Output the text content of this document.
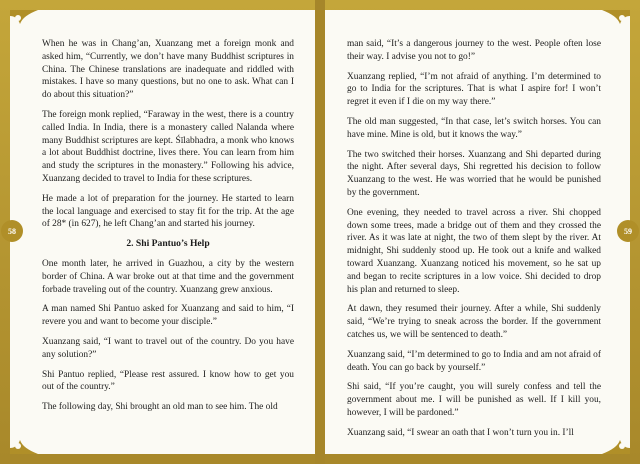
When he was in Chang’an, Xuanzang met a foreign monk and asked him, “Currently, we don’t have many Buddhist scriptures in China. The Chinese translations are inadequate and riddled with mistakes. I have so many questions, but no one to ask. What can I do about this situation?”

The foreign monk replied, “Faraway in the west, there is a country called India. In India, there is a monastery called Nalanda where many Buddhist scriptures are kept. Śīlabhadra, a monk who knows a lot about Buddhist doctrine, lives there. You can learn from him and study the scriptures in the monastery.” Following his advice, Xuanzang decided to travel to India for these scriptures.

He made a lot of preparation for the journey. He started to learn the local language and exercised to stay fit for the trip. At the age of 28* (in 627), he left Chang’an and started his journey.

2. Shi Pantuo’s Help

One month later, he arrived in Guazhou, a city by the western border of China. A war broke out at that time and the government forbade traveling out of the country. Xuanzang grew anxious.

A man named Shi Pantuo asked for Xuanzang and said to him, “I revere you and want to become your disciple.”

Xuanzang said, “I want to travel out of the country. Do you have any solution?”

Shi Pantuo replied, “Please rest assured. I know how to get you out of the country.”

The following day, Shi brought an old man to see him. The old

man said, “It’s a dangerous journey to the west. People often lose their way. I advise you not to go!”

Xuanzang replied, “I’m not afraid of anything. I’m determined to go to India for the scriptures. That is what I aspire for! I won’t regret it even if I die on my way there.”

The old man suggested, “In that case, let’s switch horses. You can have mine. Mine is old, but it knows the way.”

The two switched their horses. Xuanzang and Shi departed during the night. After several days, Shi regretted his decision to follow Xuanzang to the west. He was worried that he would be punished by the government.

One evening, they needed to travel across a river. Shi chopped down some trees, made a bridge out of them and they crossed the river. As it was late at night, the two of them slept by the river. At midnight, Shi suddenly stood up. He took out a knife and walked toward Xuanzang. Xuanzang noticed his movement, so he sat up and began to recite scriptures in a low voice. Shi decided to drop his plan and returned to sleep.

At dawn, they resumed their journey. After a while, Shi suddenly said, “We’re trying to sneak across the border. If the government catches us, we will be sentenced to death.”

Xuanzang said, “I’m determined to go to India and am not afraid of death. You can go back by yourself.”

Shi said, “If you’re caught, you will surely confess and tell the government about me. I will be punished as well. If I kill you, however, I will be pardoned.”

Xuanzang said, “I swear an oath that I won’t turn you in. I’ll

58	59
